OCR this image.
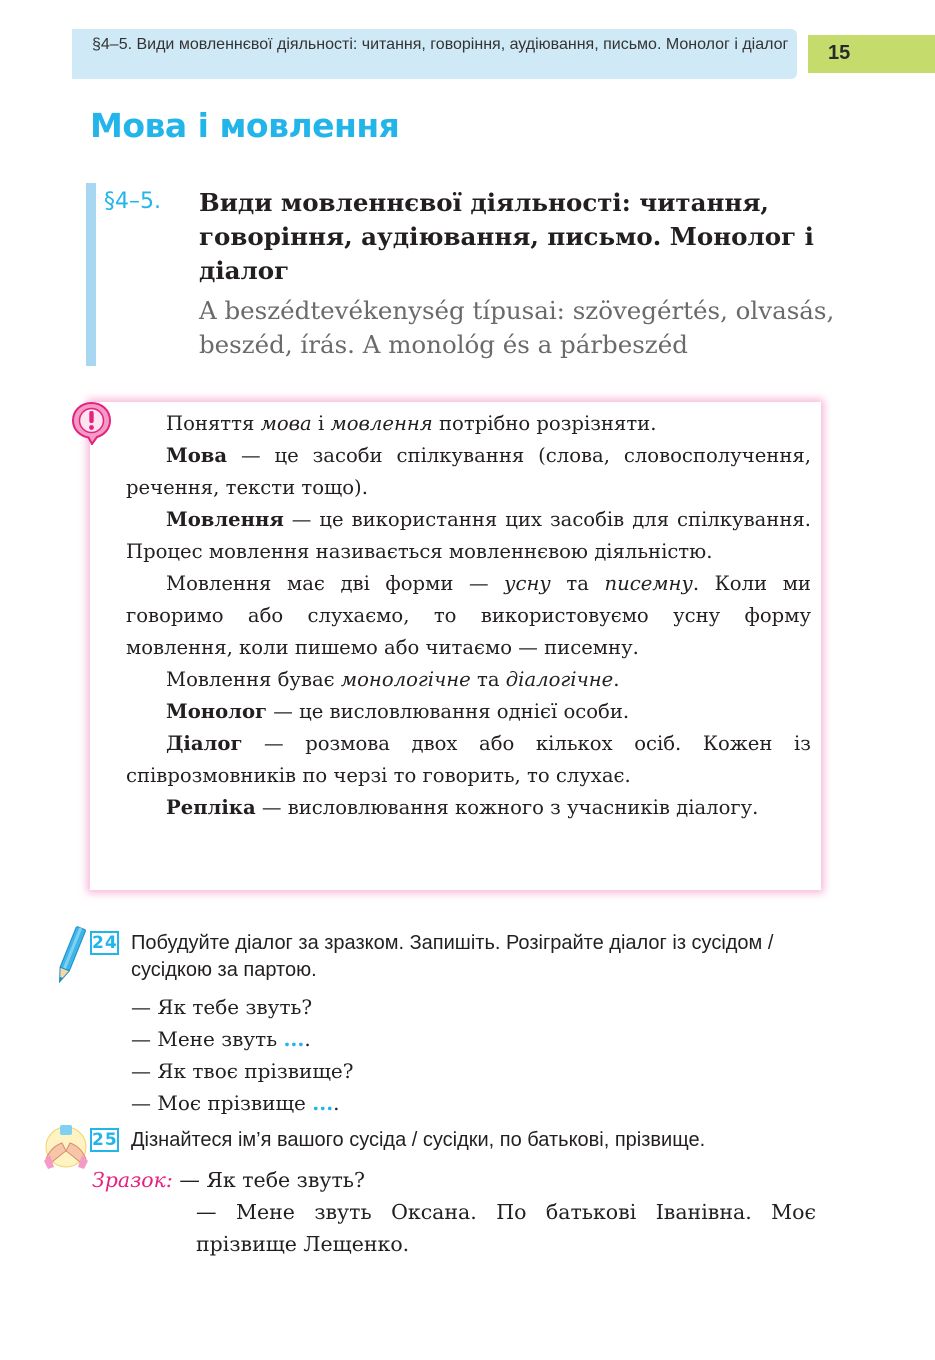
§4–5. Види мовленнєвої діяльності: читання, говоріння, аудіювання, письмо. Монолог і діалог 15
Мова і мовлення
§4–5. Види мовленнєвої діяльності: читання, говоріння, аудіювання, письмо. Монолог і діалог
A beszédtevékenység típusai: szövegértés, olvasás, beszéd, írás. A monológ és a párbeszéd

Поняття мова і мовлення потрібно розрізняти.

Мова — це засоби спілкування (слова, словосполучення, речення, тексти тощо).

Мовлення — це використання цих засобів для спілкування. Процес мовлення називається мовленнєвою діяльністю.

Мовлення має дві форми — усну та писемну. Коли ми говоримо або слухаємо, то використовуємо усну форму мовлення, коли пишемо або читаємо — писемну.

Мовлення буває монологічне та діалогічне.

Монолог — це висловлювання однієї особи.

Діалог — розмова двох або кількох осіб. Кожен із співрозмовників по черзі то говорить, то слухає.

Репліка — висловлювання кожного з учасників діалогу.

24 Побудуйте діалог за зразком. Запишіть. Розіграйте діалог із сусідом / сусідкою за партою.
— Як тебе звуть?
— Мене звуть ....
— Як твоє прізвище?
— Моє прізвище ....
25 Дізнайтеся ім’я вашого сусіда / сусідки, по батькові, прізвище.
Зразок: — Як тебе звуть?
— Мене звуть Оксана. По батькові Іванівна. Моє прізвище Лещенко.
